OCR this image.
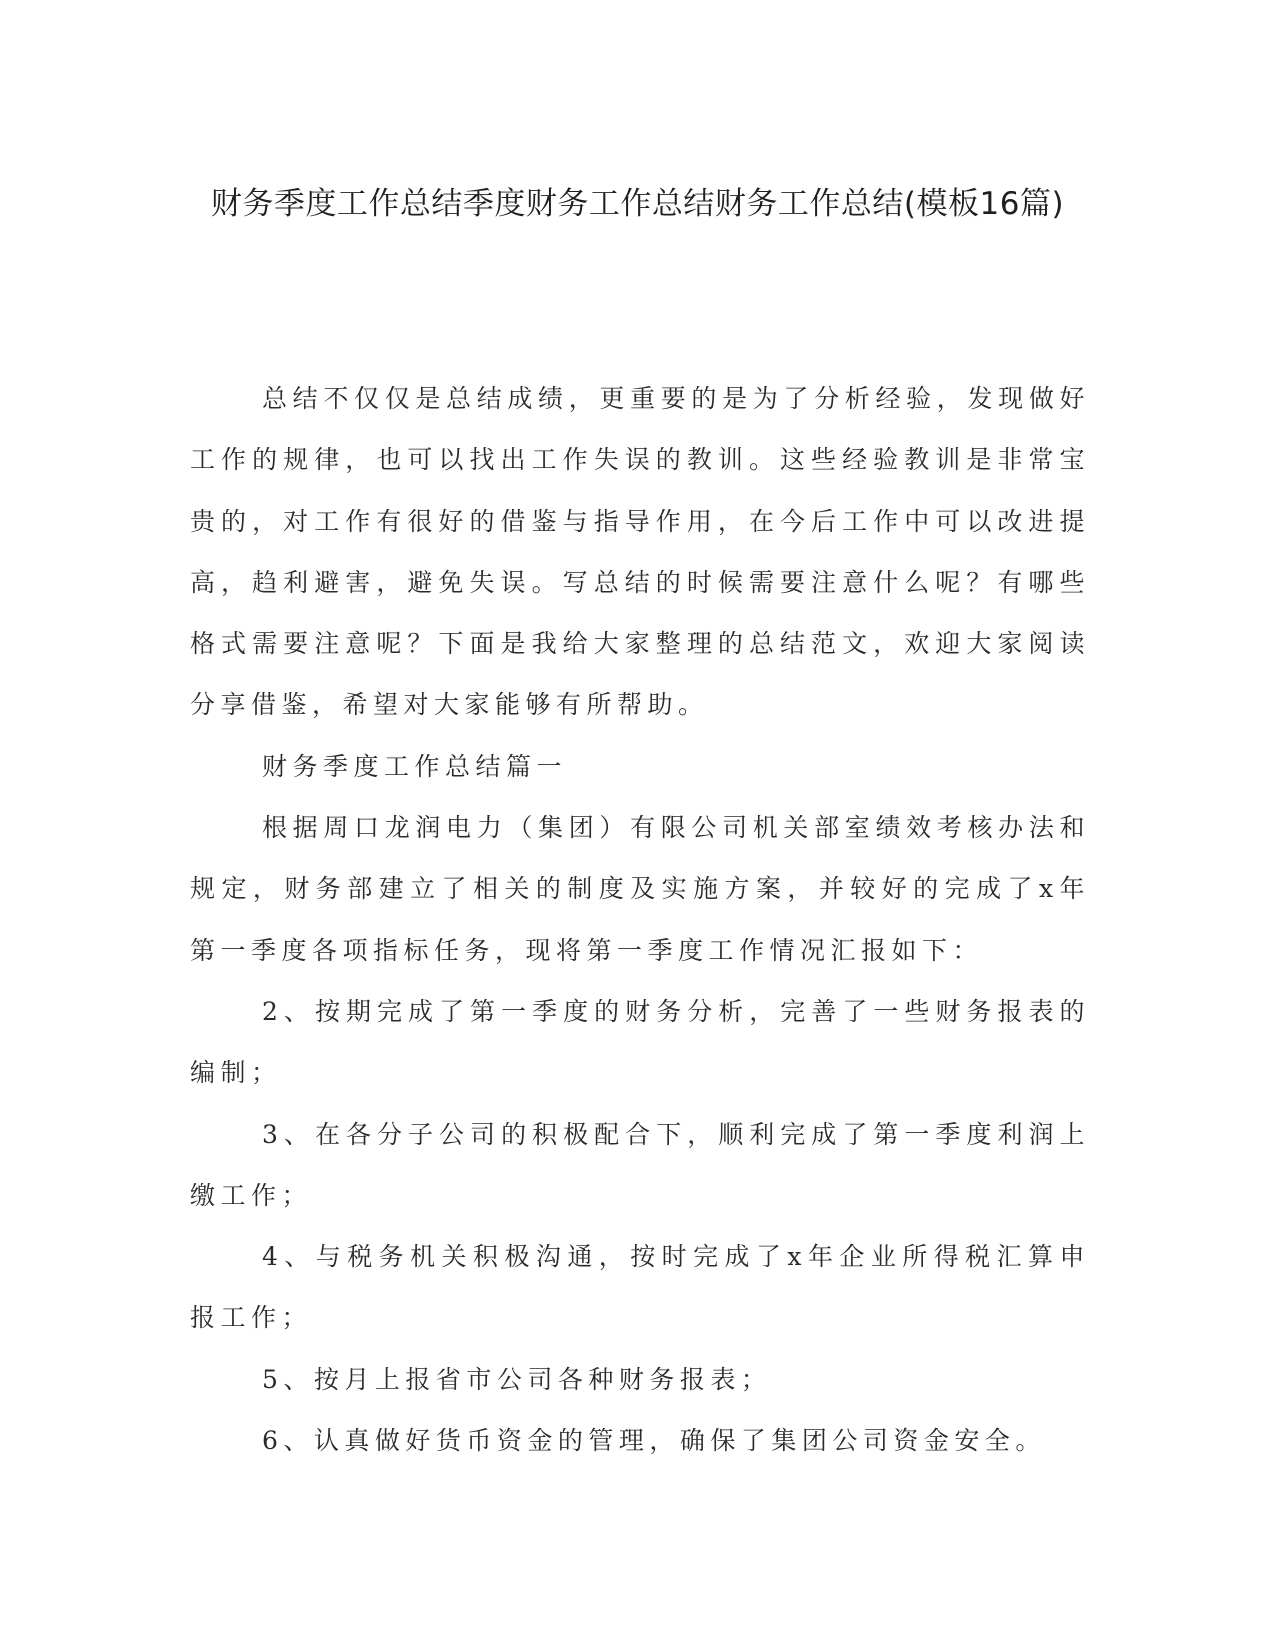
财务季度工作总结季度财务工作总结财务工作总结(模板16篇)

总结不仅仅是总结成绩，更重要的是为了分析经验，发现做好工作的规律，也可以找出工作失误的教训。这些经验教训是非常宝贵的，对工作有很好的借鉴与指导作用，在今后工作中可以改进提高，趋利避害，避免失误。写总结的时候需要注意什么呢？有哪些格式需要注意呢？下面是我给大家整理的总结范文，欢迎大家阅读分享借鉴，希望对大家能够有所帮助。

财务季度工作总结篇一

根据周口龙润电力（集团）有限公司机关部室绩效考核办法和规定，财务部建立了相关的制度及实施方案，并较好的完成了x年第一季度各项指标任务，现将第一季度工作情况汇报如下：

2、按期完成了第一季度的财务分析，完善了一些财务报表的编制；

3、在各分子公司的积极配合下，顺利完成了第一季度利润上缴工作；

4、与税务机关积极沟通，按时完成了x年企业所得税汇算申报工作；

5、按月上报省市公司各种财务报表；

6、认真做好货币资金的管理，确保了集团公司资金安全。
